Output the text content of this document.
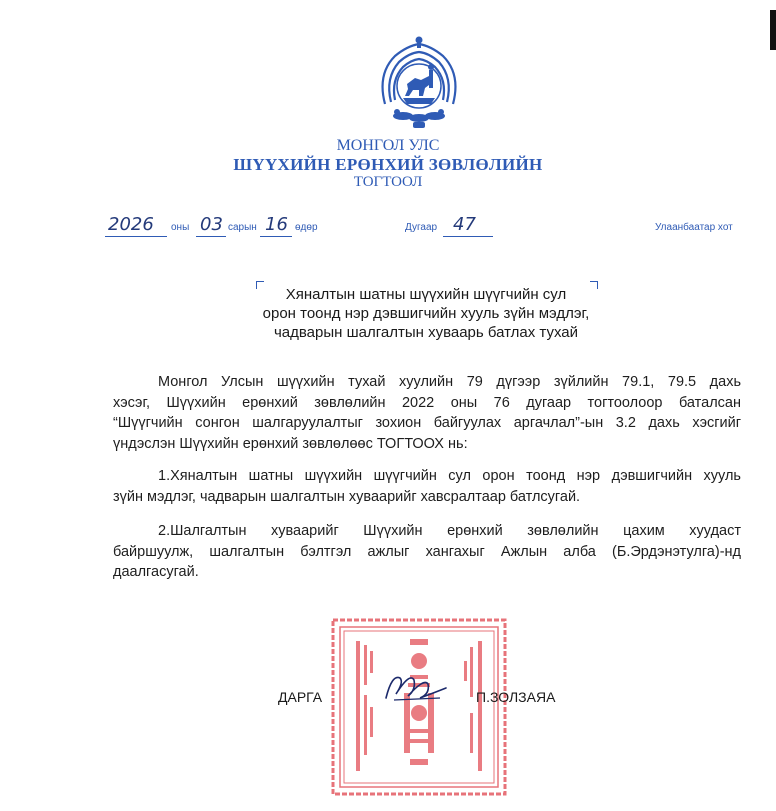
МОНГОЛ УЛС
ШҮҮХИЙН ЕРӨНХИЙ ЗӨВЛӨЛИЙН
ТОГТООЛ
2026 оны 03 сарын 16 өдөр	Дугаар 47	Улаанбаатар хот
Хяналтын шатны шүүхийн шүүгчийн сул
орон тоонд нэр дэвшигчийн хууль зүйн мэдлэг,
чадварын шалгалтын хуваарь батлах тухай
Монгол Улсын шүүхийн тухай хуулийн 79 дүгээр зүйлийн 79.1, 79.5 дахь
хэсэг, Шүүхийн ерөнхий зөвлөлийн 2022 оны 76 дугаар тогтоолоор баталсан
“Шүүгчийн сонгон шалгаруулалтыг зохион байгуулах аргачлал”-ын 3.2 дахь хэсгийг
үндэслэн Шүүхийн ерөнхий зөвлөлөөс ТОГТООХ нь:
1.Хяналтын шатны шүүхийн шүүгчийн сул орон тоонд нэр дэвшигчийн хууль
зүйн мэдлэг, чадварын шалгалтын хуваарийг хавсралтаар батлсугай.
2.Шалгалтын хуваарийг Шүүхийн ерөнхий зөвлөлийн цахим хуудаст
байршуулж, шалгалтын бэлтгэл ажлыг хангахыг Ажлын алба (Б.Эрдэнэтулга)-нд
даалгасугай.
ДАРГА	П.ЗОЛЗАЯА
